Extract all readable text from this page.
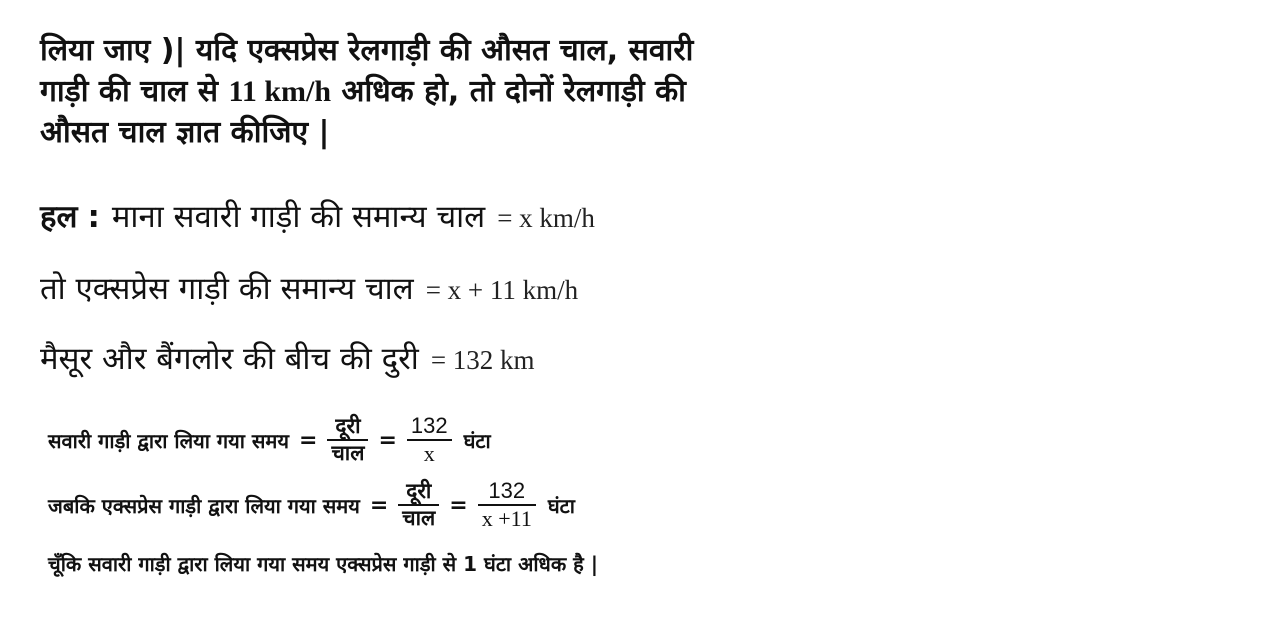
लिया जाए )| यदि एक्सप्रेस रेलगाड़ी की औसत चाल, सवारी

गाड़ी की चाल से 11 km/h अधिक हो, तो दोनों रेलगाड़ी की

औसत चाल ज्ञात कीजिए |

हल : माना सवारी गाड़ी की समान्य चाल = x km/h
तो एक्सप्रेस गाड़ी की समान्य चाल = x + 11 km/h
मैसूर और बैंगलोर की बीच की दुरी = 132 km
सवारी गाड़ी द्वारा लिया गया समय = $\frac{\text{दूरी}}{\text{चाल}} = \frac{132}{x}$ घंटा
जबकि एक्सप्रेस गाड़ी द्वारा लिया गया समय = $\frac{\text{दूरी}}{\text{चाल}} = \frac{132}{x +11}$ घंटा
चूँकि सवारी गाड़ी द्वारा लिया गया समय एक्सप्रेस गाड़ी से 1 घंटा अधिक है |
